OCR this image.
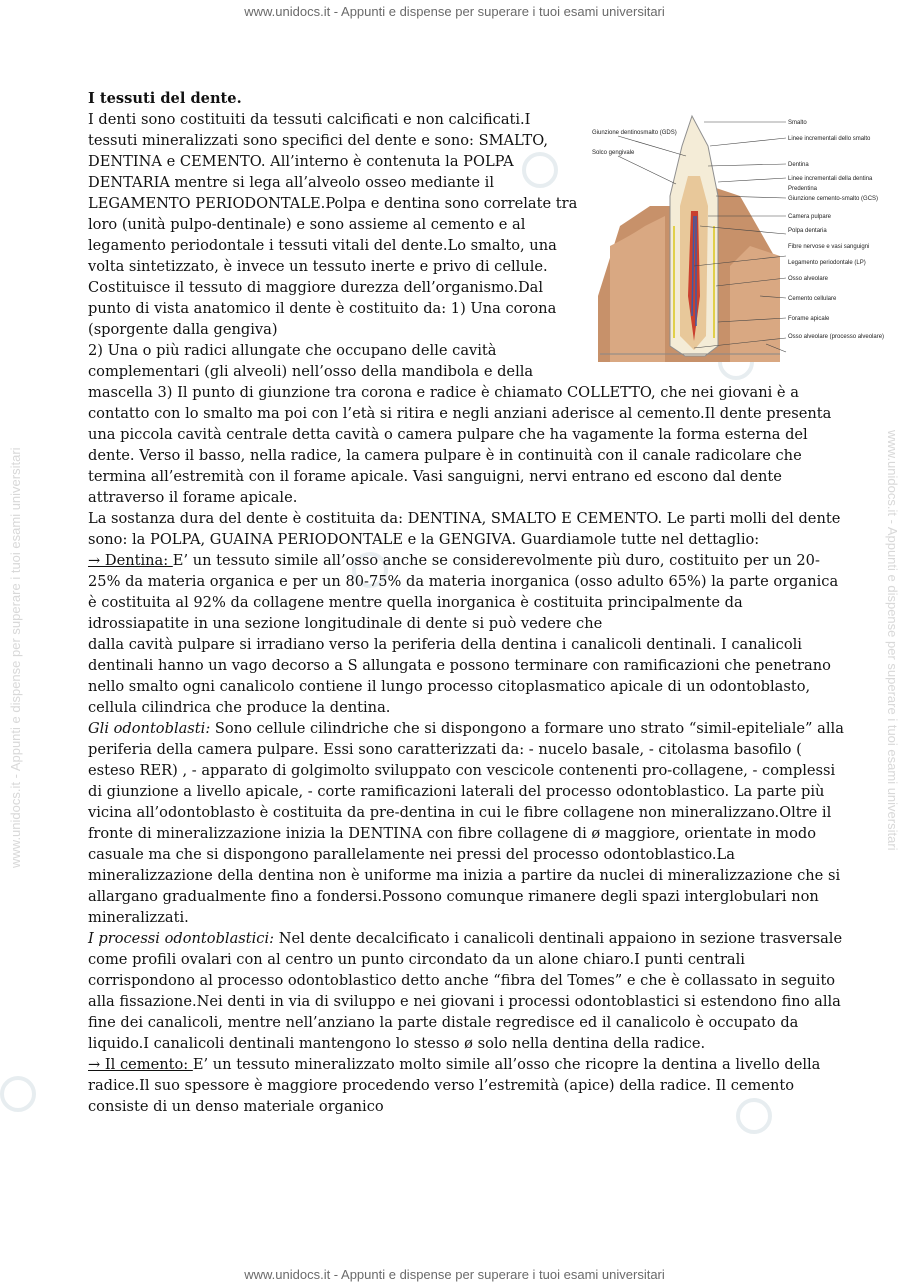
www.unidocs.it - Appunti e dispense per superare i tuoi esami universitari
www.unidocs.it - Appunti e dispense per superare i tuoi esami universitari
www.unidocs.it - Appunti e dispense per superare i tuoi esami universitari	www.unidocs.it - Appunti e dispense per superare i tuoi esami universitari
Giunzione dentinosmalto (GDS)
Solco gengivale
Smalto
Linee incrementali dello smalto
Dentina
Linee incrementali della dentina
Predentina
Giunzione cemento-smalto (GCS)
Camera pulpare
Polpa dentaria
Fibre nervose e vasi sanguigni
Legamento periodontale (LP)
Osso alveolare
Cemento cellulare
Forame apicale
Osso alveolare (processo alveolare)

I tessuti del dente.

I denti sono costituiti da tessuti calcificati e non calcificati.I tessuti mineralizzati sono specifici del dente e sono: SMALTO, DENTINA e CEMENTO. All’interno è contenuta la POLPA DENTARIA mentre si lega all’alveolo osseo mediante il LEGAMENTO PERIODONTALE.Polpa e dentina sono correlate tra loro (unità pulpo-dentinale) e sono assieme al cemento e al legamento periodontale i tessuti vitali del dente.Lo smalto, una volta sintetizzato, è invece un tessuto inerte e privo di cellule. Costituisce il tessuto di maggiore durezza dell’organismo.Dal punto di vista anatomico il dente è costituito da: 1) Una corona (sporgente dalla gengiva)

2) Una o più radici allungate che occupano delle cavità complementari (gli alveoli) nell’osso della mandibola e della mascella 3) Il punto di giunzione tra corona e radice è chiamato COLLETTO, che nei giovani è a contatto con lo smalto ma poi con l’età si ritira e negli anziani aderisce al cemento.Il dente presenta una piccola cavità centrale detta cavità o camera pulpare che ha vagamente la forma esterna del dente. Verso il basso, nella radice, la camera pulpare è in continuità con il canale radicolare che termina all’estremità con il forame apicale. Vasi sanguigni, nervi entrano ed escono dal dente attraverso il forame apicale.

La sostanza dura del dente è costituita da: DENTINA, SMALTO E CEMENTO. Le parti molli del dente sono: la POLPA, GUAINA PERIODONTALE e la GENGIVA. Guardiamole tutte nel dettaglio:

→ Dentina: E’ un tessuto simile all’osso anche se considerevolmente più duro, costituito per un 20-25% da materia organica e per un 80-75% da materia inorganica (osso adulto 65%) la parte organica è costituita al 92% da collagene mentre quella inorganica è costituita principalmente da idrossiapatite in una sezione longitudinale di dente si può vedere che

dalla cavità pulpare si irradiano verso la periferia della dentina i canalicoli dentinali. I canalicoli dentinali hanno un vago decorso a S allungata e possono terminare con ramificazioni che penetrano nello smalto ogni canalicolo contiene il lungo processo citoplasmatico apicale di un odontoblasto, cellula cilindrica che produce la dentina.

Gli odontoblasti: Sono cellule cilindriche che si dispongono a formare uno strato “simil-epiteliale” alla periferia della camera pulpare. Essi sono caratterizzati da: - nucelo basale, - citolasma basofilo ( esteso RER) , - apparato di golgimolto sviluppato con vescicole contenenti pro-collagene, - complessi di giunzione a livello apicale, - corte ramificazioni laterali del processo odontoblastico. La parte più vicina all’odontoblasto è costituita da pre-dentina in cui le fibre collagene non mineralizzano.Oltre il fronte di mineralizzazione inizia la DENTINA con fibre collagene di ø maggiore, orientate in modo casuale ma che si dispongono parallelamente nei pressi del processo odontoblastico.La mineralizzazione della dentina non è uniforme ma inizia a partire da nuclei di mineralizzazione che si allargano gradualmente fino a fondersi.Possono comunque rimanere degli spazi interglobulari non mineralizzati.

I processi odontoblastici: Nel dente decalcificato i canalicoli dentinali appaiono in sezione trasversale come profili ovalari con al centro un punto circondato da un alone chiaro.I punti centrali corrispondono al processo odontoblastico detto anche “fibra del Tomes” e che è collassato in seguito alla fissazione.Nei denti in via di sviluppo e nei giovani i processi odontoblastici si estendono fino alla fine dei canalicoli, mentre nell’anziano la parte distale regredisce ed il canalicolo è occupato da liquido.I canalicoli dentinali mantengono lo stesso ø solo nella dentina della radice.

→ Il cemento: E’ un tessuto mineralizzato molto simile all’osso che ricopre la dentina a livello della radice.Il suo spessore è maggiore procedendo verso l’estremità (apice) della radice. Il cemento consiste di un denso materiale organico
